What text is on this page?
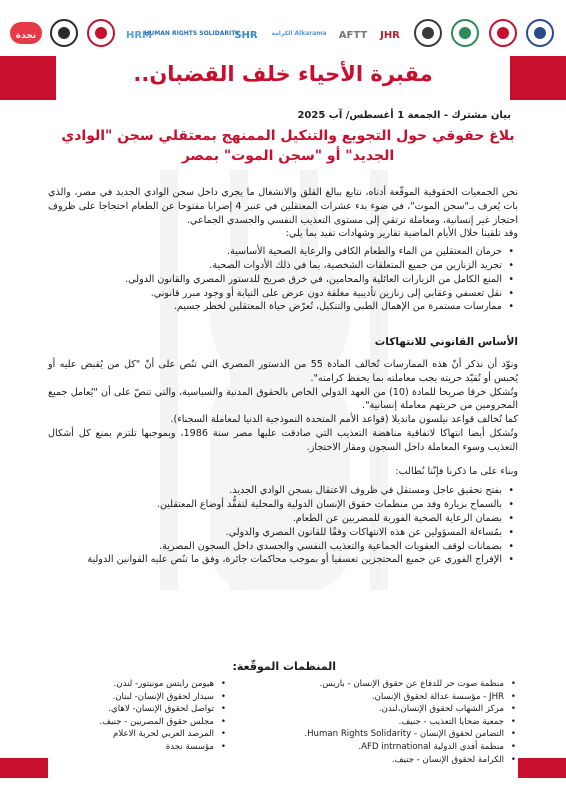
JHR
AFTT
الكرامة Alkarama
SHR
HUMAN RIGHTS SOLIDARITY
HRM
نجدة
مقبرة الأحياء خلف القضبان..
بيان مشترك - الجمعة 1 أغسطس/ آب 2025
بلاغ حقوقي حول التجويع والتنكيل الممنهج بمعتقلي سجن "الوادي الجديد" أو "سجن الموت" بمصر
نحن الجمعيات الحقوقية الموقّعة أدناه، نتابع ببالغ القلق والانشغال ما يجري داخل سجن الوادي الجديد في مصر، والذي بات يُعرف بـ"سجن الموت"، في ضوء بدء عشرات المعتقلين في عنبر 4 إضرابا مفتوحا عن الطعام احتجاجا على ظروف احتجاز غير إنسانية، ومعاملة ترتقي إلى مستوى التعذيب النفسي والجسدي الجماعي.
وقد تلقينا خلال الأيام الماضية تقارير وشهادات تفيد بما يلي:
• حرمان المعتقلين من الماء والطعام الكافي والرعاية الصحية الأساسية.
• تجريد الزنازين من جميع المتعلقات الشخصية، بما في ذلك الأدوات الصحية.
• المنع الكامل من الزيارات العائلية والمحامين، في خرق صريح للدستور المصري والقانون الدولي.
• نقل تعسفي وعقابي إلى زنازين تأديبية مغلقة دون عرض على النيابة أو وجود مبرر قانوني.
• ممارسات مستمرة من الإهمال الطبي والتنكيل، تُعرّض حياة المعتقلين لخطر جسيم.
الأساس القانوني للانتهاكات
ونوّد أن نذكر أنّ هذه الممارسات تُخالف المادة 55 من الدستور المصري التي تنُص على أنّ "كل من يُقبض عليه أو يُحبس أو تُقيّد حريته يجب معاملته بما يحفظ كرامته".
وتُشكل خرقا صريحا للمادة (10) من العهد الدولي الخاص بالحقوق المدنية والسياسية، والتي تنصّ على أن "يُعامل جميع المحرومين من حريتهم معاملة إنسانية".
كما تُخالف قواعد نيلسون مانديلا (قواعد الأمم المتحدة النموذجية الدنيا لمعاملة السجناء).
وتُشكل أيضا انتهاكا لاتفاقية مناهضة التعذيب التي صادقت عليها مصر سنة 1986، وبموجبها تلتزم بمنع كل أشكال التعذيب وسوء المعاملة داخل السجون ومقار الاحتجاز.
وبناء على ما ذكرنا فإنّنا نُطالب:
• بفتح تحقيق عاجل ومستقل في ظروف الاعتقال بسجن الوادي الجديد.
• بالسماح بزيارة وفد من منظمات حقوق الإنسان الدولية والمحلية لتفقُّد أوضاع المعتقلين.
• بضمان الرعاية الصحية الفورية للمضربين عن الطعام.
• بمُساءلة المسؤولين عن هذه الانتهاكات وفقًا للقانون المصري والدولي.
• بضمانات لوقف العقوبات الجماعية والتعذيب النفسي والجسدي داخل السجون المصرية.
• الإفراج الفوري عن جميع المحتجزين تعسفيا أو بموجب محاكمات جائرة، وفق ما تنُص عليه القوانين الدولية
المنظمات الموقّعة:
• منظمة صوت حر للدفاع عن حقوق الإنسان - باريس.
• JHR - مؤسسة عدالة لحقوق الإنسان.
• مركز الشهاب لحقوق الإنسان،لندن.
• جمعية ضحايا التعذيب - جنيف.
• التضامن لحقوق الإنسان - Human Rights Solidarity.
• منظمة أفدي الدولية AFD intrnational.
• الكرامة لحقوق الإنسان - جنيف.
• هيومن رايتس مونيتور- لندن.
• سيدار لحقوق الإنسان- لبنان.
• تواصل لحقوق الإنسان- لاهاي.
• مجلس حقوق المصريين - جنيف.
• المرصد العربي لحرية الاعلام
• مؤسسة نجدة
